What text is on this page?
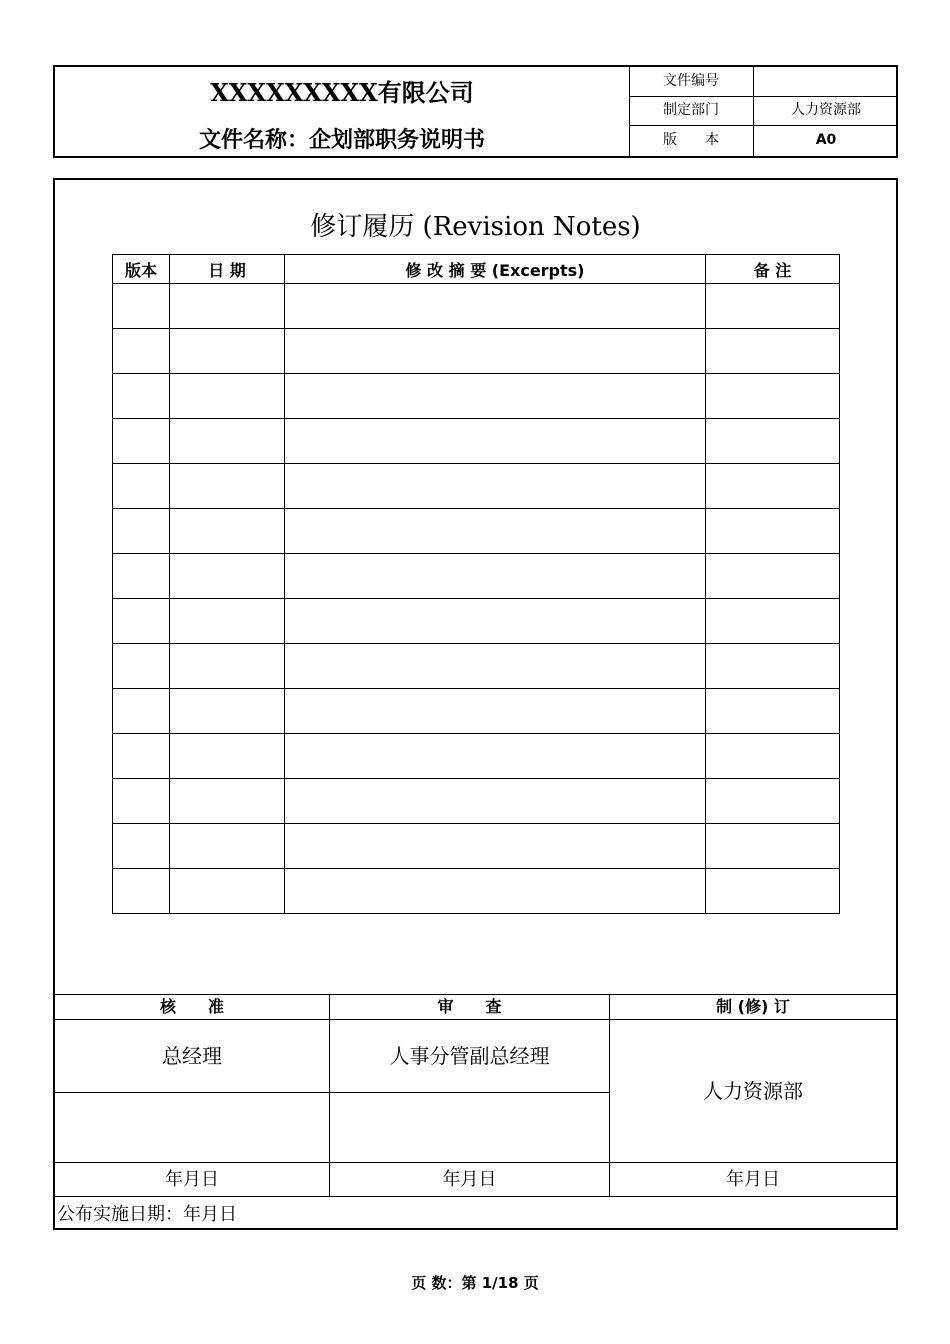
XXXXXXXXX有限公司
文件名称：企划部职务说明书
文件编号
制定部门	人力资源部
版　　本	A0
修订履历 (Revision Notes)
版本	日 期	修 改 摘 要 (Excerpts)	备 注

核　　准	审　　查	制 (修) 订
总经理	人事分管副总经理
人力资源部
年月日	年月日	年月日
公布实施日期：年月日
页 数：第 1/18 页
